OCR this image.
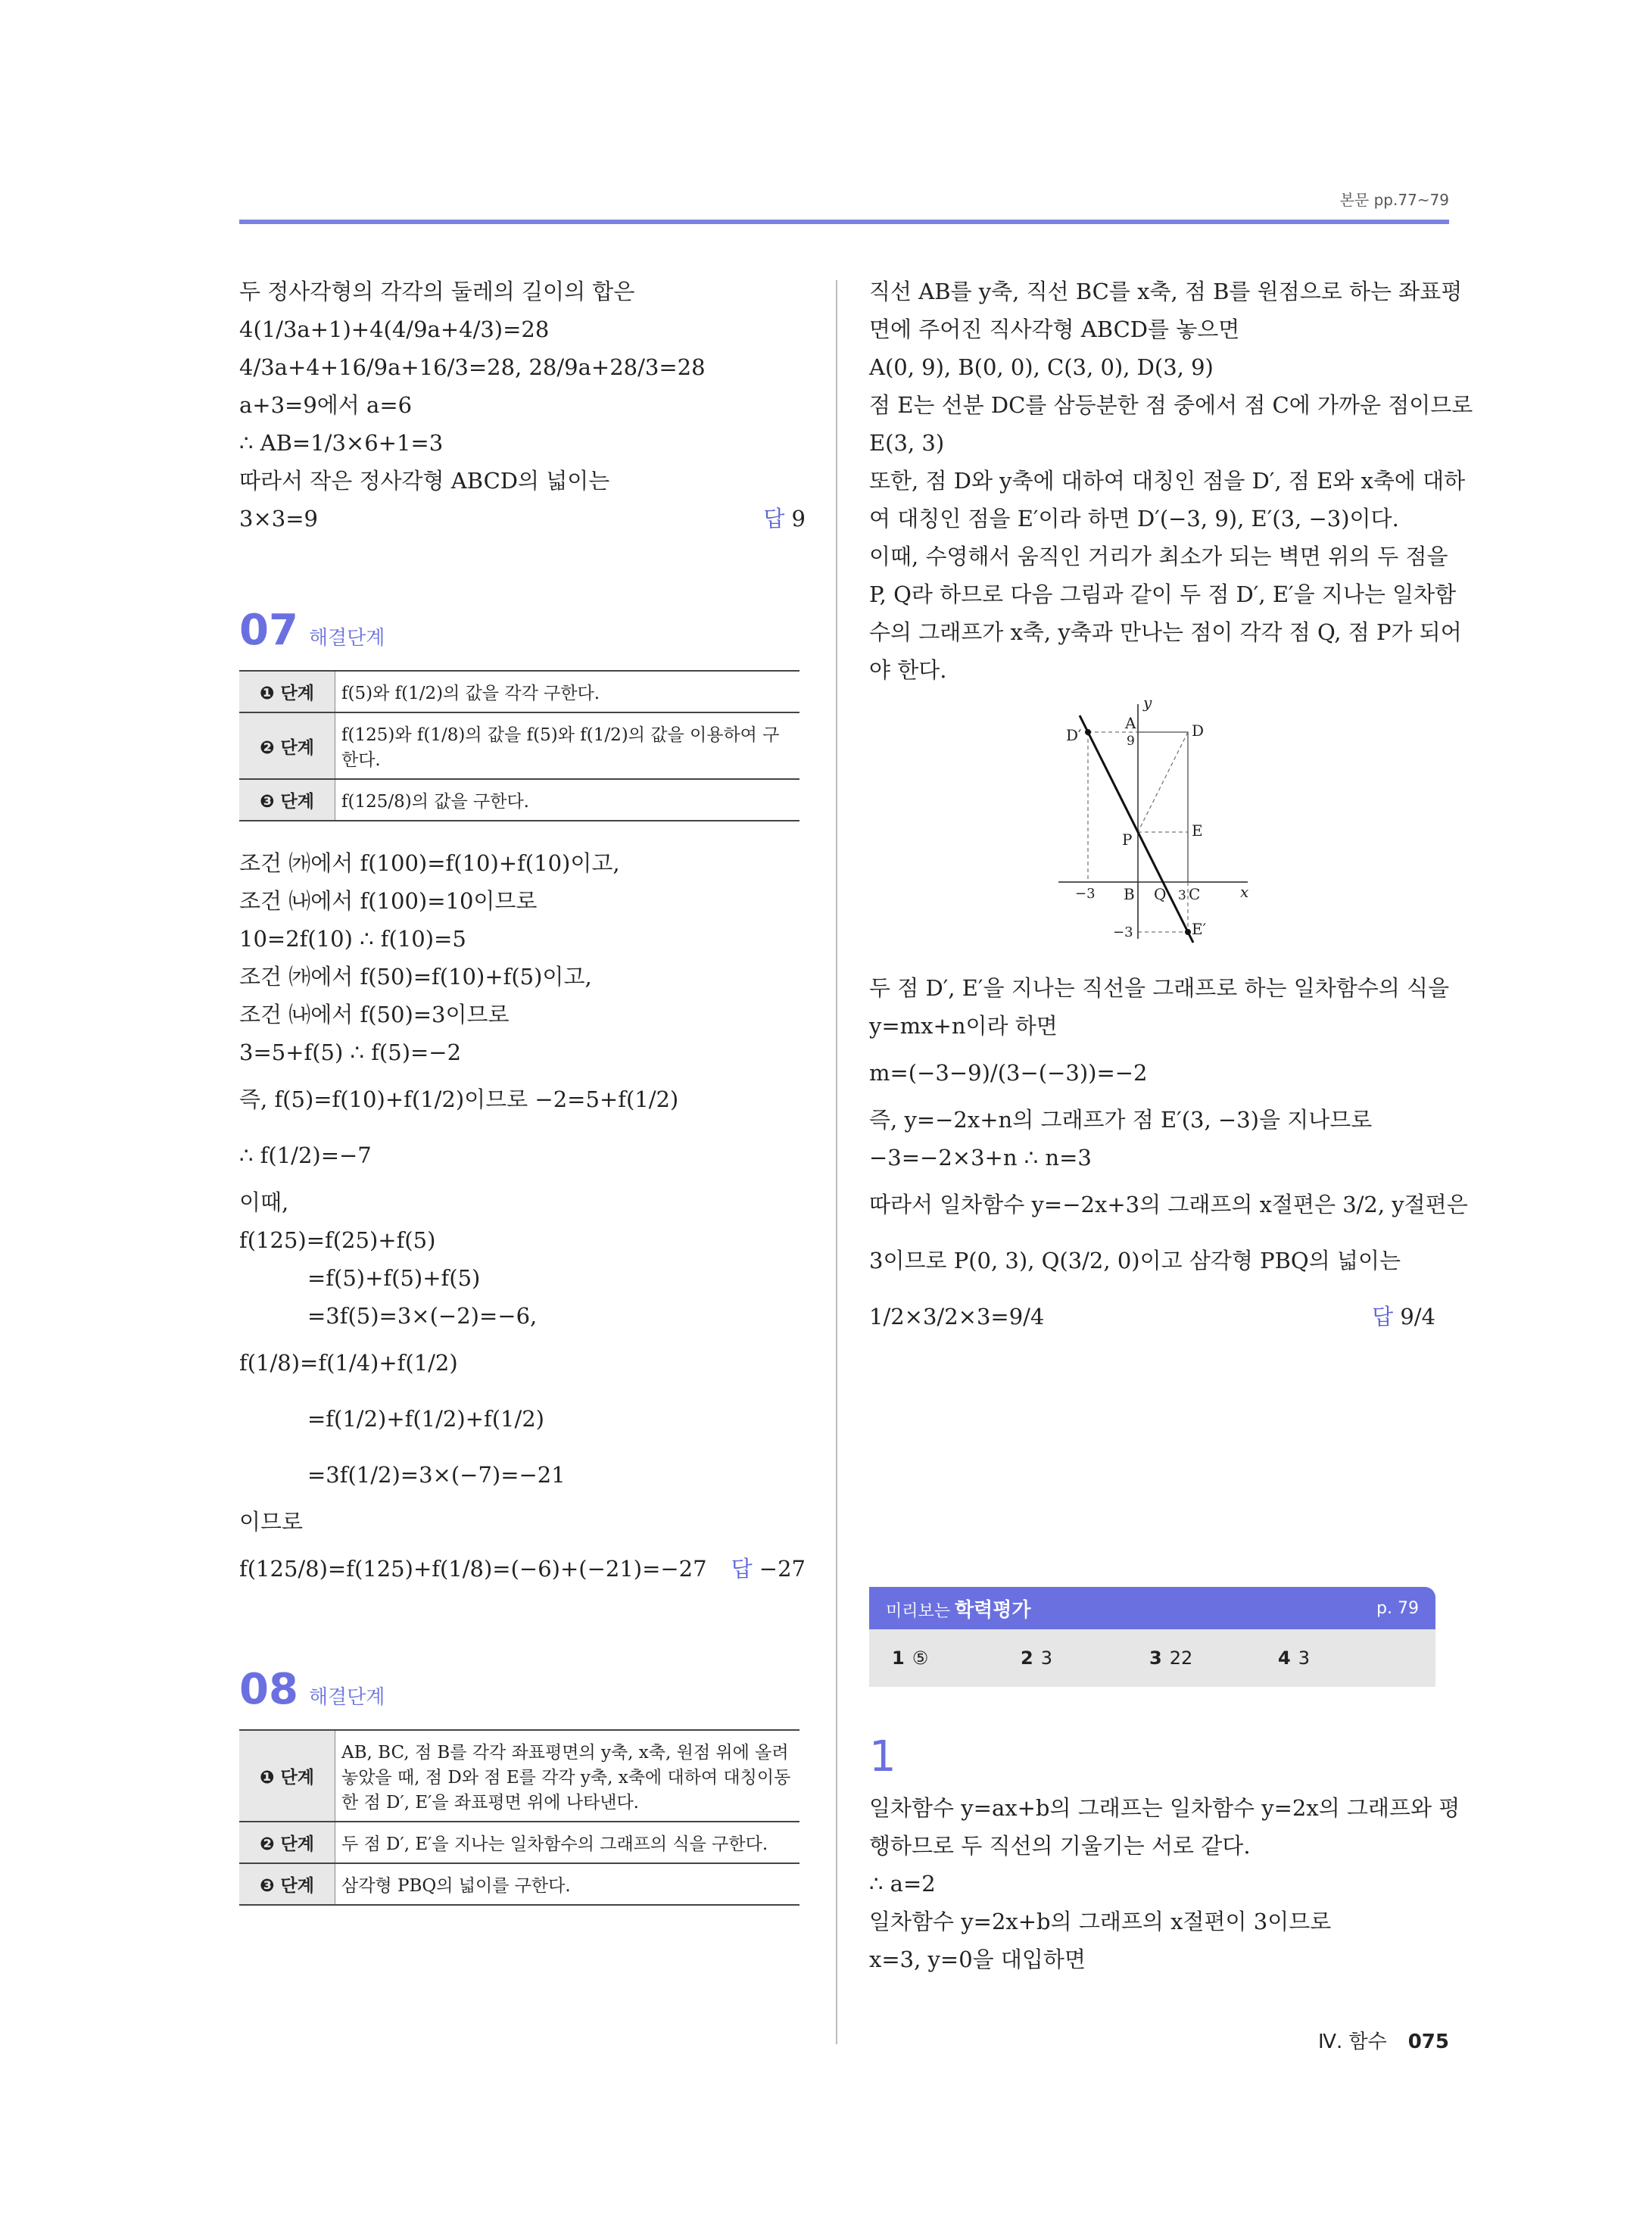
본문 pp.77~79
두 정사각형의 각각의 둘레의 길이의 합은
4(1/3a+1)+4(4/9a+4/3)=28
4/3a+4+16/9a+16/3=28, 28/9a+28/3=28
a+3=9에서 a=6
∴ AB=1/3×6+1=3
따라서 작은 정사각형 ABCD의 넓이는
3×3=9	답 9
07 해결단계
❶ 단계	f(5)와 f(1/2)의 값을 각각 구한다.
❷ 단계	f(125)와 f(1/8)의 값을 f(5)와 f(1/2)의 값을 이용하여 구한다.
❸ 단계	f(125/8)의 값을 구한다.
조건 ㈎에서 f(100)=f(10)+f(10)이고,
조건 ㈏에서 f(100)=10이므로
10=2f(10) ∴ f(10)=5
조건 ㈎에서 f(50)=f(10)+f(5)이고,
조건 ㈏에서 f(50)=3이므로
3=5+f(5) ∴ f(5)=−2
즉, f(5)=f(10)+f(1/2)이므로 −2=5+f(1/2)
∴ f(1/2)=−7
이때,
f(125)=f(25)+f(5)
=f(5)+f(5)+f(5)
=3f(5)=3×(−2)=−6,
f(1/8)=f(1/4)+f(1/2)
=f(1/2)+f(1/2)+f(1/2)
=3f(1/2)=3×(−7)=−21
이므로
f(125/8)=f(125)+f(1/8)=(−6)+(−21)=−27 답 −27
08 해결단계
❶ 단계	AB, BC, 점 B를 각각 좌표평면의 y축, x축, 원점 위에 올려놓았을 때, 점 D와 점 E를 각각 y축, x축에 대하여 대칭이동한 점 D′, E′을 좌표평면 위에 나타낸다.
❷ 단계	두 점 D′, E′을 지나는 일차함수의 그래프의 식을 구한다.
❸ 단계	삼각형 PBQ의 넓이를 구한다.
직선 AB를 y축, 직선 BC를 x축, 점 B를 원점으로 하는 좌표평
면에 주어진 직사각형 ABCD를 놓으면
A(0, 9), B(0, 0), C(3, 0), D(3, 9)
점 E는 선분 DC를 삼등분한 점 중에서 점 C에 가까운 점이므로
E(3, 3)
또한, 점 D와 y축에 대하여 대칭인 점을 D′, 점 E와 x축에 대하
여 대칭인 점을 E′이라 하면 D′(−3, 9), E′(3, −3)이다.
이때, 수영해서 움직인 거리가 최소가 되는 벽면 위의 두 점을
P, Q라 하므로 다음 그림과 같이 두 점 D′, E′을 지나는 일차함
수의 그래프가 x축, y축과 만나는 점이 각각 점 Q, 점 P가 되어
야 한다.
y
x
A	D
D′	9
P	E
B Q 3 C
−3
−3	E′
두 점 D′, E′을 지나는 직선을 그래프로 하는 일차함수의 식을
y=mx+n이라 하면
m=(−3−9)/(3−(−3))=−2
즉, y=−2x+n의 그래프가 점 E′(3, −3)을 지나므로
−3=−2×3+n ∴ n=3
따라서 일차함수 y=−2x+3의 그래프의 x절편은 3/2, y절편은
3이므로 P(0, 3), Q(3/2, 0)이고 삼각형 PBQ의 넓이는
1/2×3/2×3=9/4	답 9/4
미리보는 학력평가	p. 79
1 ⑤	2 3	3 22	4 3
1
일차함수 y=ax+b의 그래프는 일차함수 y=2x의 그래프와 평
행하므로 두 직선의 기울기는 서로 같다.
∴ a=2
일차함수 y=2x+b의 그래프의 x절편이 3이므로
x=3, y=0을 대입하면
Ⅳ. 함수 075
